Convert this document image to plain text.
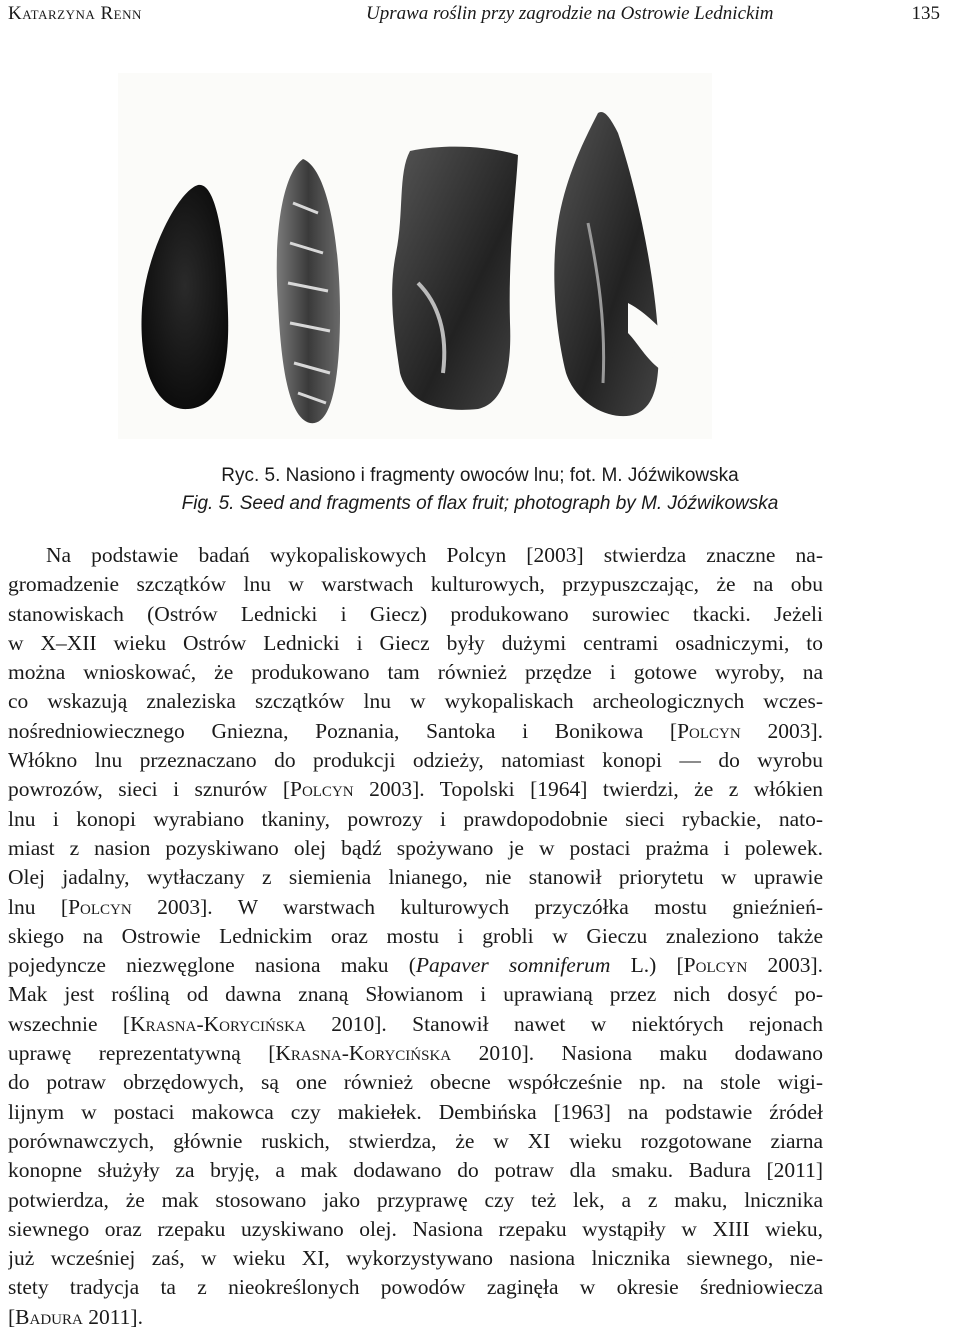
Katarzyna Renn	Uprawa roślin przy zagrodzie na Ostrowie Lednickim	135
Ryc. 5. Nasiono i fragmenty owoców lnu; fot. M. Jóźwikowska
Fig. 5. Seed and fragments of flax fruit; photograph by M. Jóźwikowska
Na podstawie badań wykopaliskowych Polcyn [2003] stwierdza znaczne na-
gromadzenie szczątków lnu w warstwach kulturowych, przypuszczając, że na obu
stanowiskach (Ostrów Lednicki i Giecz) produkowano surowiec tkacki. Jeżeli
w X–XII wieku Ostrów Lednicki i Giecz były dużymi centrami osadniczymi, to
można wnioskować, że produkowano tam również przędze i gotowe wyroby, na
co wskazują znaleziska szczątków lnu w wykopaliskach archeologicznych wczes-
nośredniowiecznego Gniezna, Poznania, Santoka i Bonikowa [Polcyn 2003].
Włókno lnu przeznaczano do produkcji odzieży, natomiast konopi — do wyrobu
powrozów, sieci i sznurów [Polcyn 2003]. Topolski [1964] twierdzi, że z włókien
lnu i konopi wyrabiano tkaniny, powrozy i prawdopodobnie sieci rybackie, nato-
miast z nasion pozyskiwano olej bądź spożywano je w postaci prażma i polewek.
Olej jadalny, wytłaczany z siemienia lnianego, nie stanowił priorytetu w uprawie
lnu [Polcyn 2003]. W warstwach kulturowych przyczółka mostu gnieźnień-
skiego na Ostrowie Lednickim oraz mostu i grobli w Gieczu znaleziono także
pojedyncze niezwęglone nasiona maku (Papaver somniferum L.) [Polcyn 2003].
Mak jest rośliną od dawna znaną Słowianom i uprawianą przez nich dosyć po-
wszechnie [Krasna-Korycińska 2010]. Stanowił nawet w niektórych rejonach
uprawę reprezentatywną [Krasna-Korycińska 2010]. Nasiona maku dodawano
do potraw obrzędowych, są one również obecne współcześnie np. na stole wigi-
lijnym w postaci makowca czy makiełek. Dembińska [1963] na podstawie źródeł
porównawczych, głównie ruskich, stwierdza, że w XI wieku rozgotowane ziarna
konopne służyły za bryję, a mak dodawano do potraw dla smaku. Badura [2011]
potwierdza, że mak stosowano jako przyprawę czy też lek, a z maku, lnicznika
siewnego oraz rzepaku uzyskiwano olej. Nasiona rzepaku wystąpiły w XIII wieku,
już wcześniej zaś, w wieku XI, wykorzystywano nasiona lnicznika siewnego, nie-
stety tradycja ta z nieokreślonych powodów zaginęła w okresie średniowiecza
[Badura 2011].
